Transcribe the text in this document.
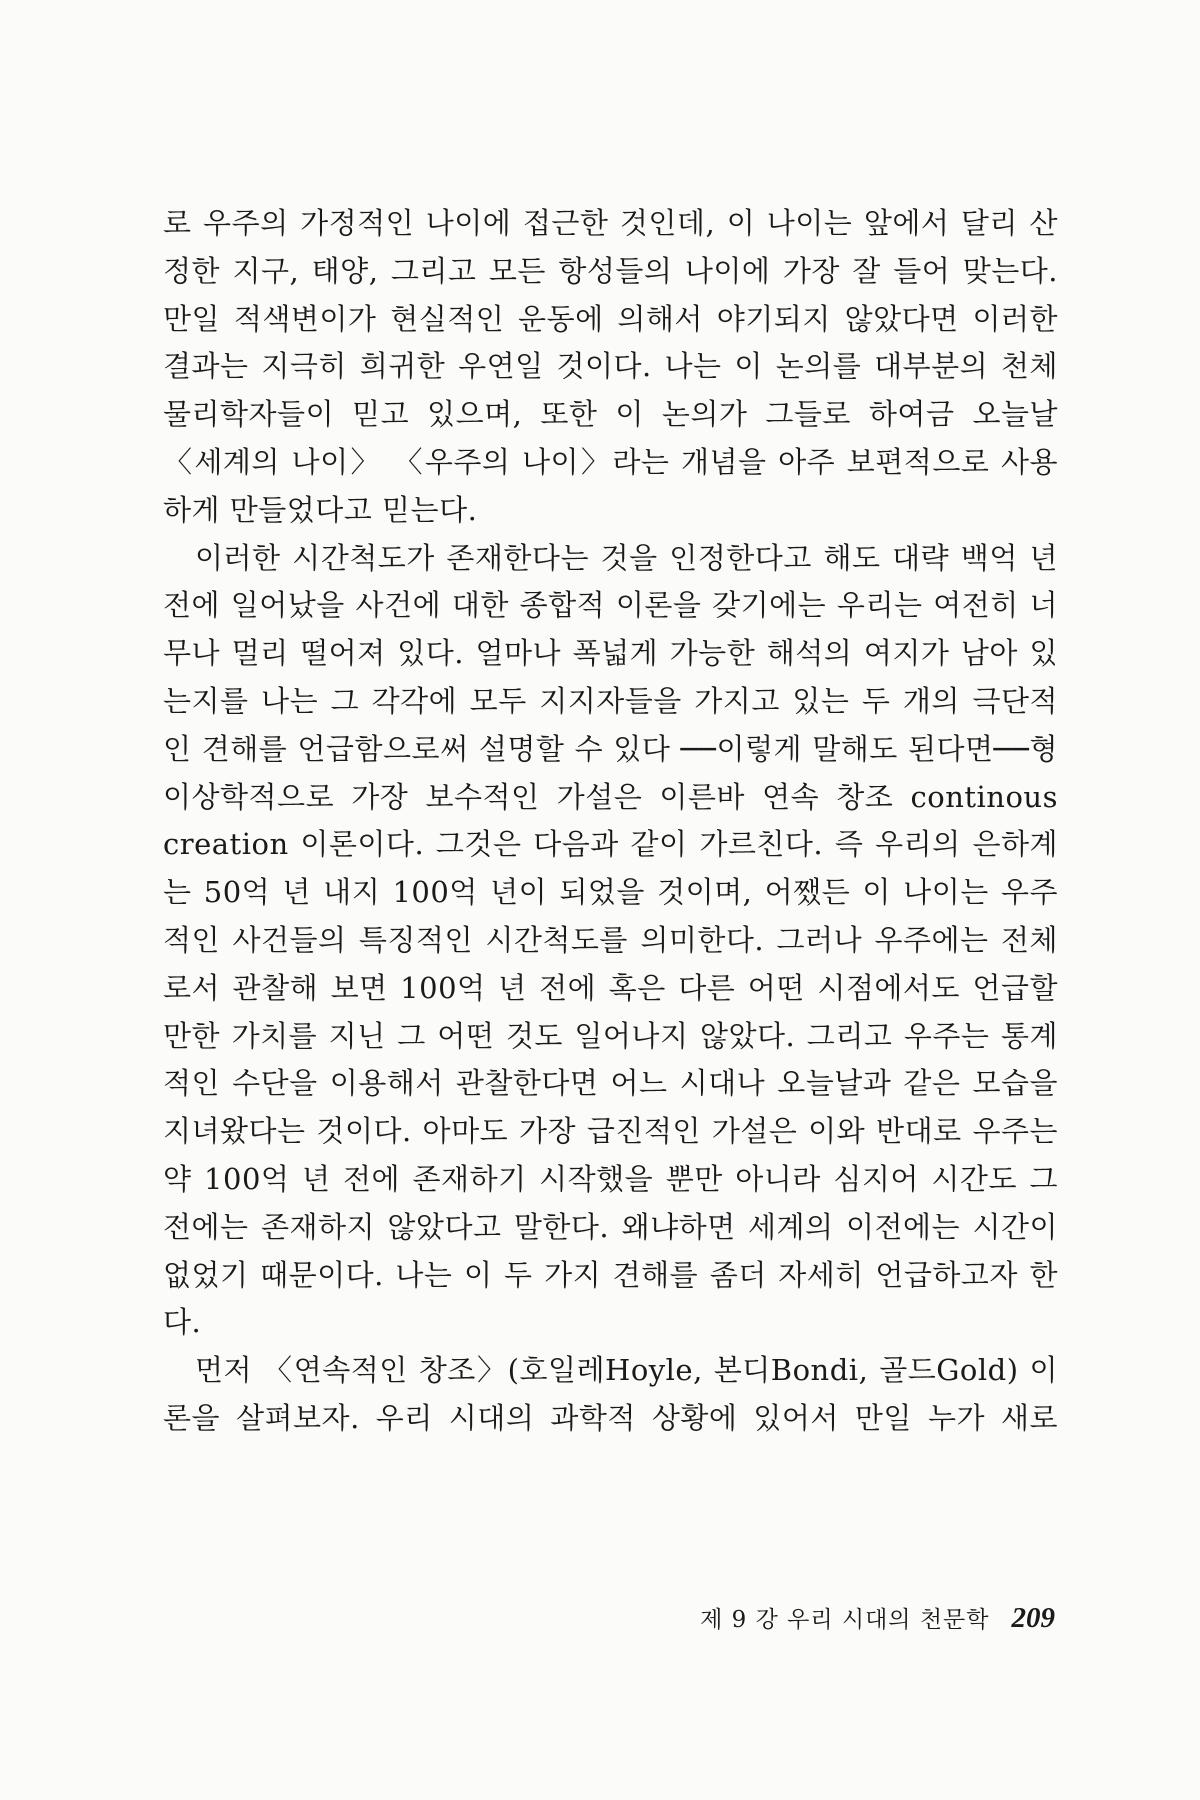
로 우주의 가정적인 나이에 접근한 것인데, 이 나이는 앞에서 달리 산정한 지구, 태양, 그리고 모든 항성들의 나이에 가장 잘 들어 맞는다. 만일 적색변이가 현실적인 운동에 의해서 야기되지 않았다면 이러한 결과는 지극히 희귀한 우연일 것이다. 나는 이 논의를 대부분의 천체물리학자들이 믿고 있으며, 또한 이 논의가 그들로 하여금 오늘날 〈세계의 나이〉 〈우주의 나이〉라는 개념을 아주 보편적으로 사용하게 만들었다고 믿는다.

이러한 시간척도가 존재한다는 것을 인정한다고 해도 대략 백억 년 전에 일어났을 사건에 대한 종합적 이론을 갖기에는 우리는 여전히 너무나 멀리 떨어져 있다. 얼마나 폭넓게 가능한 해석의 여지가 남아 있는지를 나는 그 각각에 모두 지지자들을 가지고 있는 두 개의 극단적인 견해를 언급함으로써 설명할 수 있다 ──이렇게 말해도 된다면──형이상학적으로 가장 보수적인 가설은 이른바 연속 창조 continous creation 이론이다. 그것은 다음과 같이 가르친다. 즉 우리의 은하계는 50억 년 내지 100억 년이 되었을 것이며, 어쨌든 이 나이는 우주적인 사건들의 특징적인 시간척도를 의미한다. 그러나 우주에는 전체로서 관찰해 보면 100억 년 전에 혹은 다른 어떤 시점에서도 언급할 만한 가치를 지닌 그 어떤 것도 일어나지 않았다. 그리고 우주는 통계적인 수단을 이용해서 관찰한다면 어느 시대나 오늘날과 같은 모습을 지녀왔다는 것이다. 아마도 가장 급진적인 가설은 이와 반대로 우주는 약 100억 년 전에 존재하기 시작했을 뿐만 아니라 심지어 시간도 그 전에는 존재하지 않았다고 말한다. 왜냐하면 세계의 이전에는 시간이 없었기 때문이다. 나는 이 두 가지 견해를 좀더 자세히 언급하고자 한다.

먼저 〈연속적인 창조〉(호일레Hoyle, 본디Bondi, 골드Gold) 이론을 살펴보자. 우리 시대의 과학적 상황에 있어서 만일 누가 새로

제 9 강 우리 시대의 천문학 209
